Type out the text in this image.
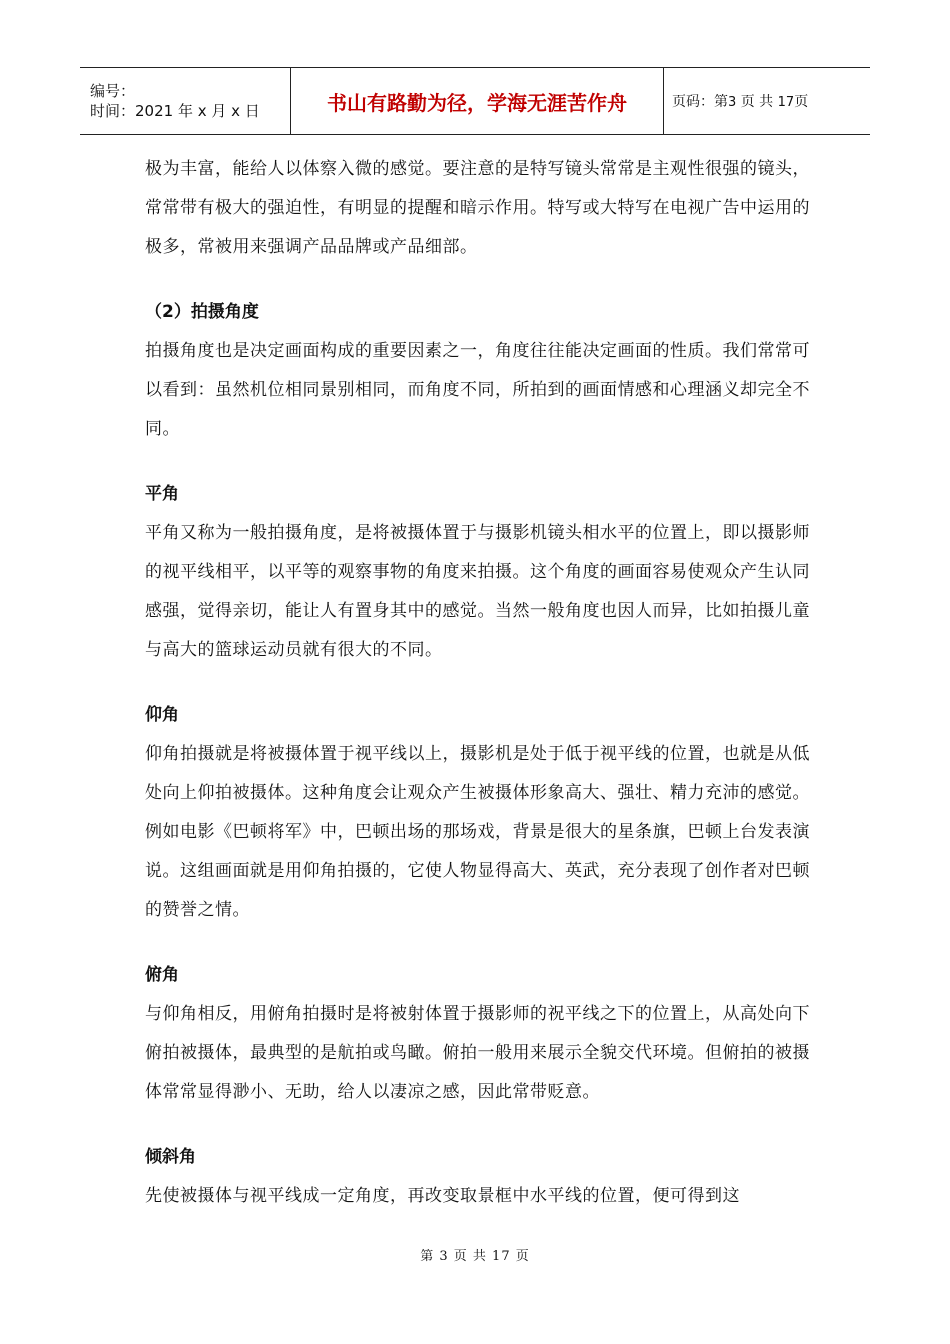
编号：
时间：2021 年 x 月 x 日	书山有路勤为径，学海无涯苦作舟	页码：第3 页 共 17页

极为丰富，能给人以体察入微的感觉。要注意的是特写镜头常常是主观性很强的镜头，常常带有极大的强迫性，有明显的提醒和暗示作用。特写或大特写在电视广告中运用的极多，常被用来强调产品品牌或产品细部。

（2）拍摄角度

拍摄角度也是决定画面构成的重要因素之一，角度往往能决定画面的性质。我们常常可以看到：虽然机位相同景别相同，而角度不同，所拍到的画面情感和心理涵义却完全不同。

平角

平角又称为一般拍摄角度，是将被摄体置于与摄影机镜头相水平的位置上，即以摄影师的视平线相平，以平等的观察事物的角度来拍摄。这个角度的画面容易使观众产生认同感强，觉得亲切，能让人有置身其中的感觉。当然一般角度也因人而异，比如拍摄儿童与高大的篮球运动员就有很大的不同。

仰角

仰角拍摄就是将被摄体置于视平线以上，摄影机是处于低于视平线的位置，也就是从低处向上仰拍被摄体。这种角度会让观众产生被摄体形象高大、强壮、精力充沛的感觉。例如电影《巴顿将军》中，巴顿出场的那场戏，背景是很大的星条旗，巴顿上台发表演说。这组画面就是用仰角拍摄的，它使人物显得高大、英武，充分表现了创作者对巴顿的赞誉之情。

俯角

与仰角相反，用俯角拍摄时是将被射体置于摄影师的祝平线之下的位置上，从高处向下俯拍被摄体，最典型的是航拍或鸟瞰。俯拍一般用来展示全貌交代环境。但俯拍的被摄体常常显得渺小、无助，给人以凄凉之感，因此常带贬意。

倾斜角

先使被摄体与视平线成一定角度，再改变取景框中水平线的位置，便可得到这

第 3 页 共 17 页
